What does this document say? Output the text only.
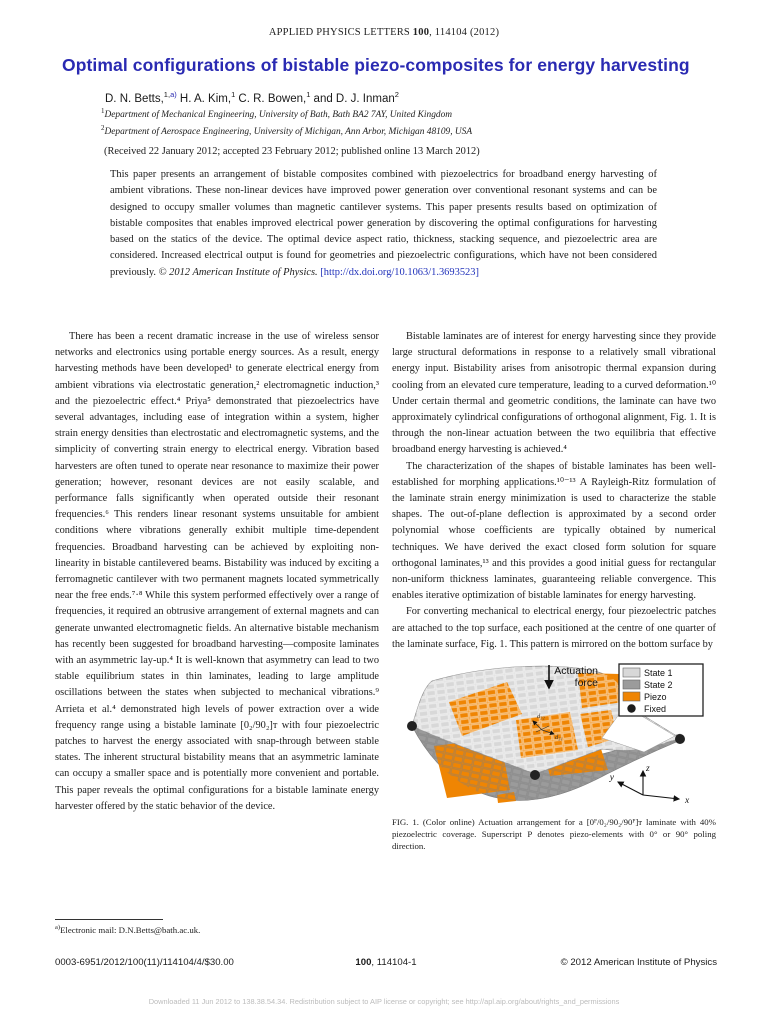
APPLIED PHYSICS LETTERS 100, 114104 (2012)
Optimal configurations of bistable piezo-composites for energy harvesting
D. N. Betts,$^{1,a)}$ H. A. Kim,$^1$ C. R. Bowen,$^1$ and D. J. Inman$^2$
$^1$Department of Mechanical Engineering, University of Bath, Bath BA2 7AY, United Kingdom
$^2$Department of Aerospace Engineering, University of Michigan, Ann Arbor, Michigan 48109, USA
(Received 22 January 2012; accepted 23 February 2012; published online 13 March 2012)
This paper presents an arrangement of bistable composites combined with piezoelectrics for broadband energy harvesting of ambient vibrations. These non-linear devices have improved power generation over conventional resonant systems and can be designed to occupy smaller volumes than magnetic cantilever systems. This paper presents results based on optimization of bistable composites that enables improved electrical power generation by discovering the optimal configurations for harvesting based on the statics of the device. The optimal device aspect ratio, thickness, stacking sequence, and piezoelectric area are considered. Increased electrical output is found for geometries and piezoelectric configurations, which have not been considered previously. © 2012 American Institute of Physics. [http://dx.doi.org/10.1063/1.3693523]

There has been a recent dramatic increase in the use of wireless sensor networks and electronics using portable energy sources. As a result, energy harvesting methods have been developed¹ to generate electrical energy from ambient vibrations via electrostatic generation,² electromagnetic induction,³ and the piezoelectric effect.⁴ Priya⁵ demonstrated that piezoelectrics have several advantages, including ease of integration within a system, higher strain energy densities than electrostatic and electromagnetic systems, and the simplicity of converting strain energy to electrical energy. Vibration based harvesters are often tuned to operate near resonance to maximize their power generation; however, resonant devices are not easily scalable, and performance falls significantly when operated outside their resonant frequencies.⁶ This renders linear resonant systems unsuitable for ambient conditions where vibrations generally exhibit multiple time-dependent frequencies. Broadband harvesting can be achieved by exploiting non-linearity in bistable cantilevered beams. Bistability was induced by exciting a ferromagnetic cantilever with two permanent magnets located symmetrically near the free ends.⁷·⁸ While this system performed effectively over a range of frequencies, it required an obtrusive arrangement of external magnets and can generate unwanted electromagnetic fields. An alternative bistable mechanism has recently been suggested for broadband harvesting—composite laminates with an asymmetric lay-up.⁴ It is well-known that asymmetry can lead to two stable equilibrium states in thin laminates, leading to large amplitude oscillations between the states when subjected to mechanical vibrations.⁹ Arrieta et al.⁴ demonstrated high levels of power extraction over a wide frequency range using a bistable laminate [0₂/90₂]ᴛ with four piezoelectric patches to harvest the energy associated with snap-through between stable states. The inherent structural bistability means that an asymmetric laminate can occupy a smaller space and is potentially more convenient and portable. This paper reveals the optimal configurations for a bistable laminate energy harvester offered by the static behavior of the device.

Bistable laminates are of interest for energy harvesting since they provide large structural deformations in response to a relatively small vibrational energy input. Bistability arises from anisotropic thermal expansion during cooling from an elevated cure temperature, leading to a curved deformation.¹⁰ Under certain thermal and geometric conditions, the laminate can have two approximately cylindrical configurations of orthogonal alignment, Fig. 1. It is through the non-linear actuation between the two equilibria that effective broadband energy harvesting is achieved.⁴

The characterization of the shapes of bistable laminates has been well-established for morphing applications.¹⁰⁻¹³ A Rayleigh-Ritz formulation of the laminate strain energy minimization is used to characterize the stable shapes. The out-of-plane deflection is approximated by a second order polynomial whose coefficients are typically obtained by numerical techniques. We have derived the exact closed form solution for square orthogonal laminates,¹³ and this provides a good initial guess for rectangular non-uniform thickness laminates, guaranteeing reliable convergence. This enables iterative optimization of bistable laminates for energy harvesting.

For converting mechanical to electrical energy, four piezoelectric patches are attached to the top surface, each positioned at the centre of one quarter of the laminate surface, Fig. 1. This pattern is mirrored on the bottom surface by

d₃₂
d₃₁
Actuation
force
State 1
State 2
Piezo
Fixed
z
x
y
FIG. 1. (Color online) Actuation arrangement for a [0ᴾ/0₂/90₂/90ᴾ]ᴛ laminate with 40% piezoelectric coverage. Superscript P denotes piezo-elements with 0° or 90° poling direction.
$^{a)}$Electronic mail: D.N.Betts@bath.ac.uk.
0003-6951/2012/100(11)/114104/4/$30.00	100, 114104-1	© 2012 American Institute of Physics
Downloaded 11 Jun 2012 to 138.38.54.34. Redistribution subject to AIP license or copyright; see http://apl.aip.org/about/rights_and_permissions
